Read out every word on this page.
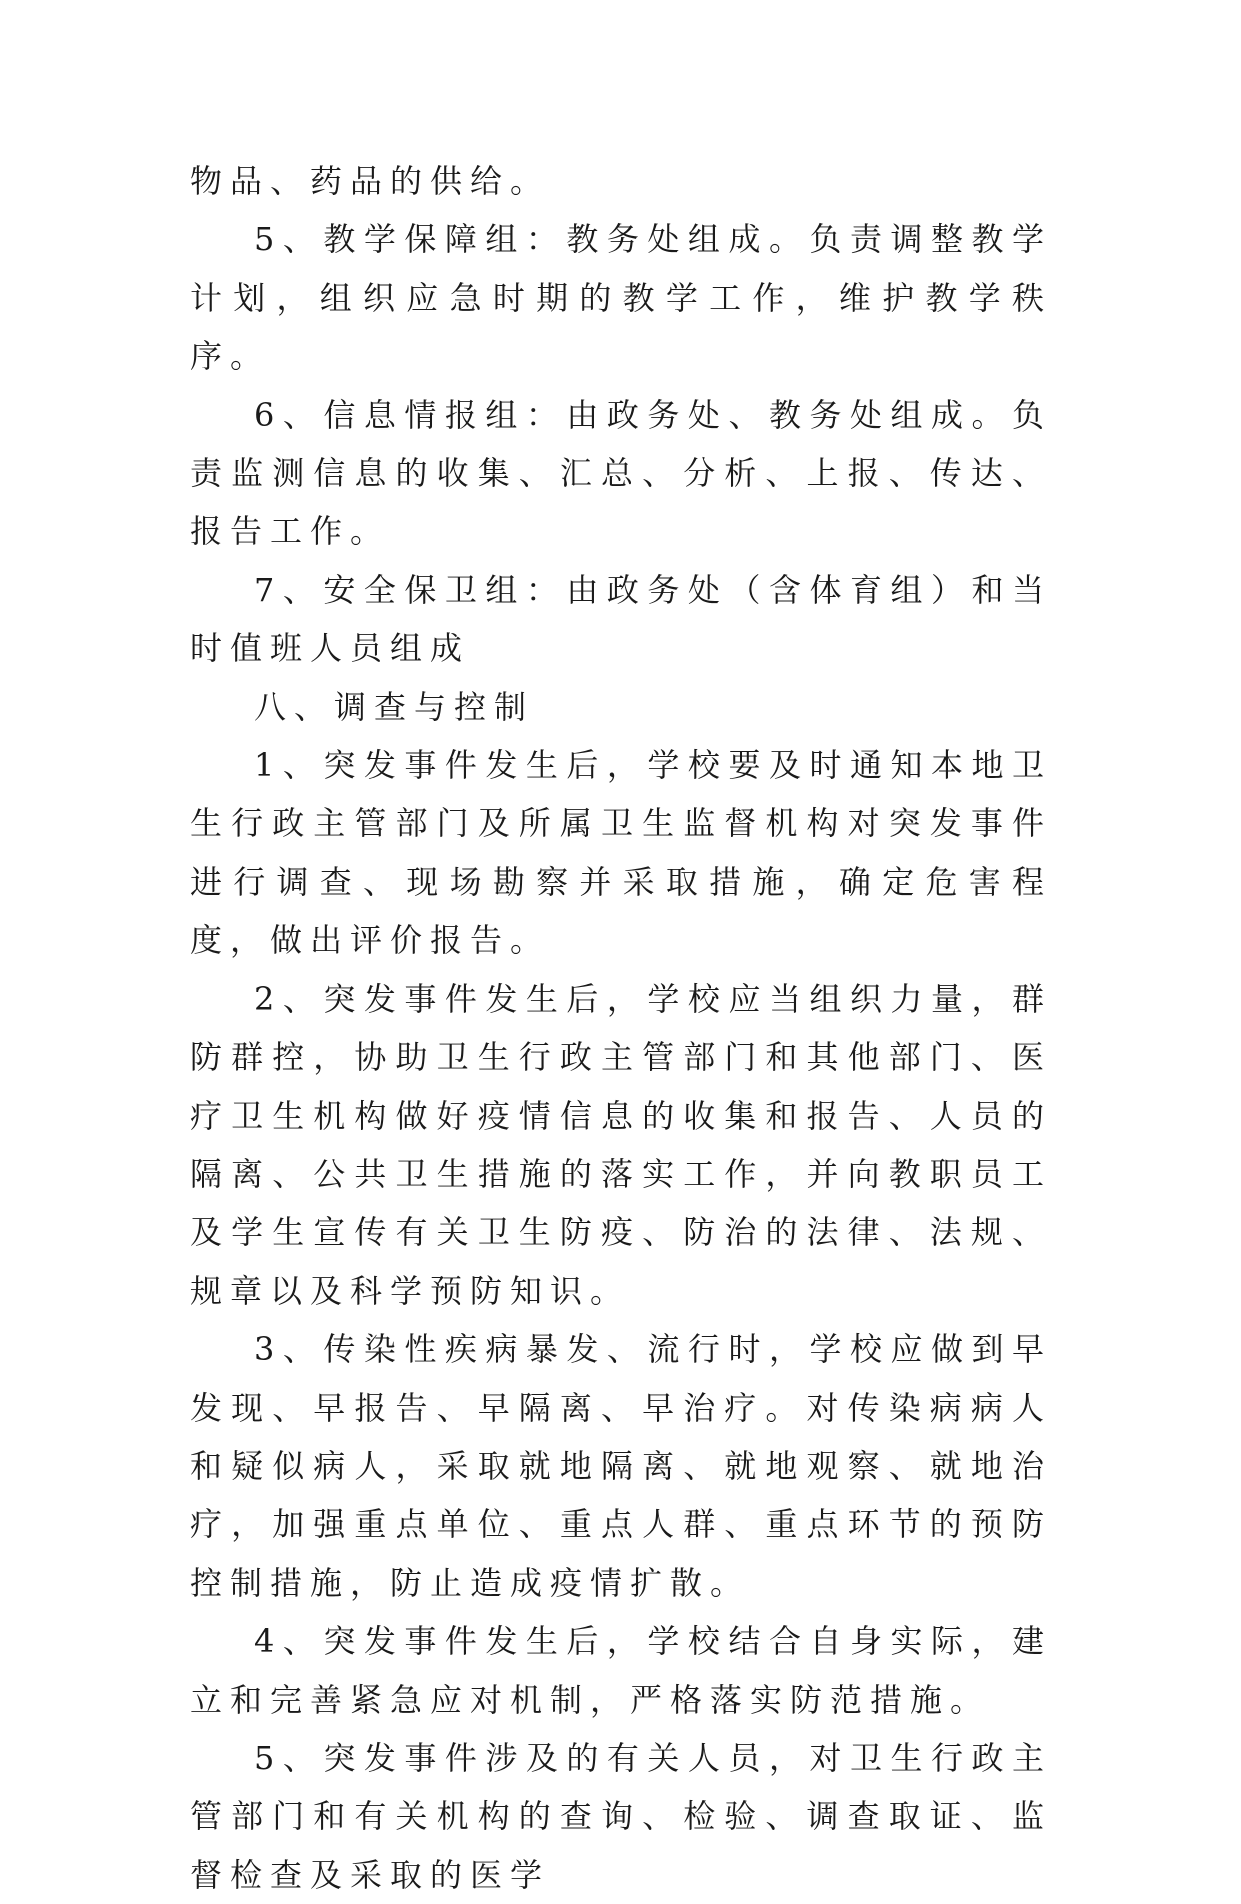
物品、药品的供给。

5、教学保障组：教务处组成。负责调整教学计划，组织应急时期的教学工作，维护教学秩序。

6、信息情报组：由政务处、教务处组成。负责监测信息的收集、汇总、分析、上报、传达、报告工作。

7、安全保卫组：由政务处（含体育组）和当时值班人员组成

八、调查与控制

1、突发事件发生后，学校要及时通知本地卫生行政主管部门及所属卫生监督机构对突发事件进行调查、现场勘察并采取措施，确定危害程度，做出评价报告。

2、突发事件发生后，学校应当组织力量，群防群控，协助卫生行政主管部门和其他部门、医疗卫生机构做好疫情信息的收集和报告、人员的隔离、公共卫生措施的落实工作，并向教职员工及学生宣传有关卫生防疫、防治的法律、法规、规章以及科学预防知识。

3、传染性疾病暴发、流行时，学校应做到早发现、早报告、早隔离、早治疗。对传染病病人和疑似病人，采取就地隔离、就地观察、就地治疗，加强重点单位、重点人群、重点环节的预防控制措施，防止造成疫情扩散。

4、突发事件发生后，学校结合自身实际，建立和完善紧急应对机制，严格落实防范措施。

5、突发事件涉及的有关人员，对卫生行政主管部门和有关机构的查询、检验、调查取证、监督检查及采取的医学
